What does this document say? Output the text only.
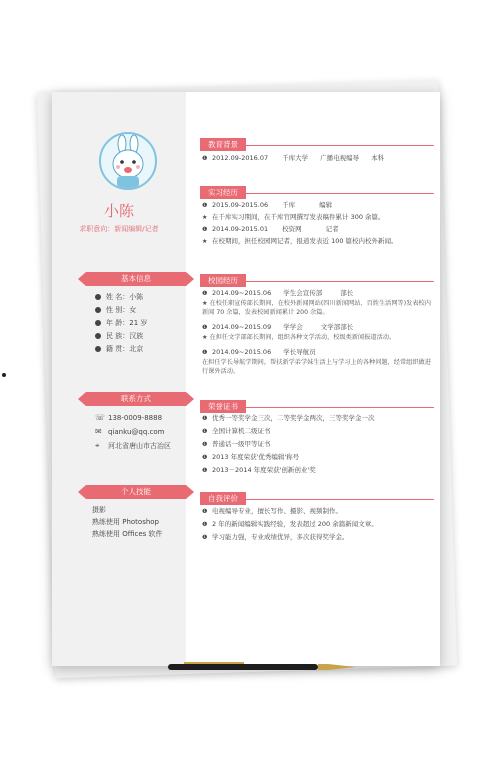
小陈
求职意向：新闻编辑/记者
基本信息
姓 名：小陈
性 别：女
年 龄：21 岁
民 族：汉族
籍 贯：北京
联系方式
☏ 138-0009-8888
✉ qianku@qq.com
⌖ 河北省唐山市古冶区
个人技能
摄影
熟练使用 Photoshop
熟练使用 Offices 软件
教育背景
❶ 2012.09-2016.07 千库大学 广播电视编导 本科
实习经历
❶ 2015.09-2015.06 千库	编辑
★ 在千库实习期间，在千库官网撰写发表稿件累计 300 余篇。
❶ 2014.09-2015.01 校资网	记者
★ 在校期间，担任校园网记者，报道发表近 100 篇校内校外新闻。
校园经历
❶ 2014.09~2015.06 学生会宣传部	部长
★ 在校任职宣传部长期间，在校外新闻网站(四川新闻网站、百姓生活网等)发表校内新闻 70 余篇，发表校园新闻累计 200 余篇。
❶ 2014.09~2015.09 学学会	文学部部长
★ 在担任文学部部长期间，组织各种文学活动，校级类新闻报道活动。
❶ 2014.09~2015.06 学长导航员
在担任学长导航学期间，帮扶新学弟学妹生活上与学习上的各种问题，经常组织做进行课外活动。
荣誉证书
❶ 优秀一等奖学金三次，二等奖学金两次，三等奖学金一次
❶ 全国计算机二级证书
❶ 普通话一级甲等证书
❶ 2013 年度荣获'优秀编辑'称号
❶ 2013－2014 年度荣获'创新创业'奖
自我评价
❶ 电视编导专业，擅长写作、摄影、视频制作。
❶ 2 年的新闻编辑实践经验，发表超过 200 余篇新闻文章。
❶ 学习能力强，专业成绩优异，多次获得奖学金。
